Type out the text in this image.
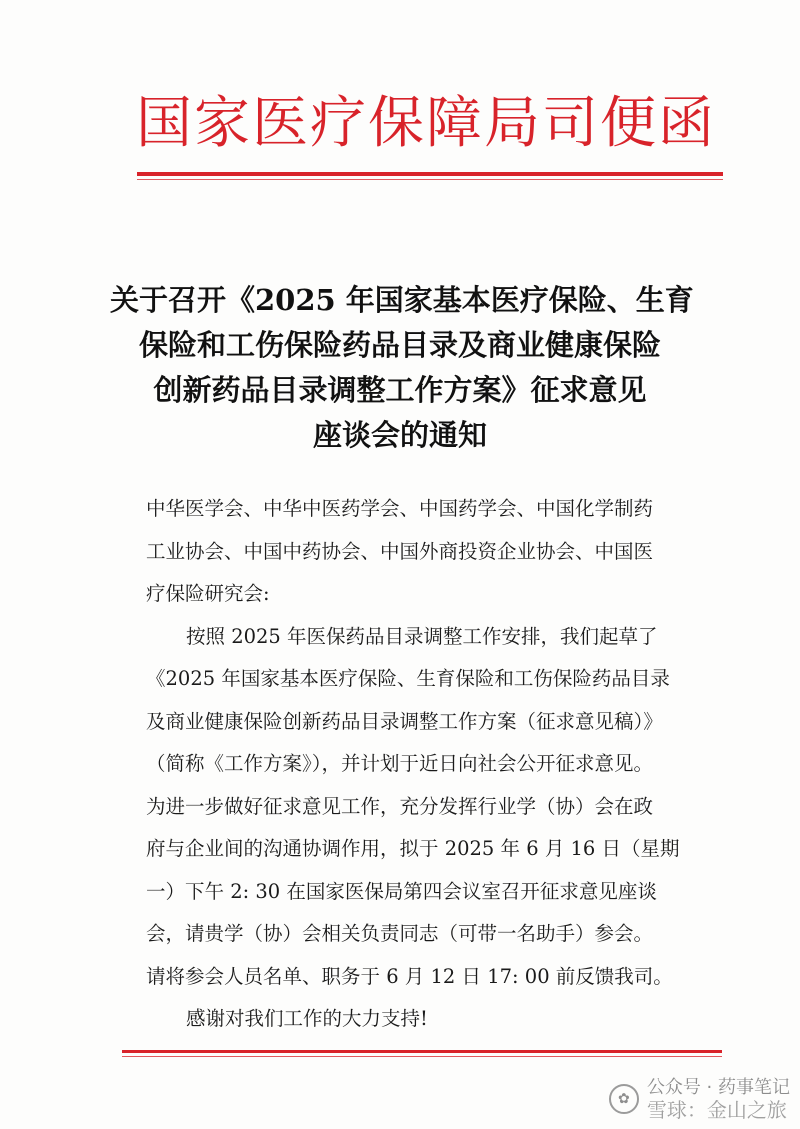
国家医疗保障局司便函
关于召开《2025 年国家基本医疗保险、生育
保险和工伤保险药品目录及商业健康保险
创新药品目录调整工作方案》征求意见
座谈会的通知
中华医学会、中华中医药学会、中国药学会、中国化学制药
工业协会、中国中药协会、中国外商投资企业协会、中国医
疗保险研究会:
按照 2025 年医保药品目录调整工作安排，我们起草了
《2025 年国家基本医疗保险、生育保险和工伤保险药品目录
及商业健康保险创新药品目录调整工作方案（征求意见稿）》
（简称《工作方案》），并计划于近日向社会公开征求意见。
为进一步做好征求意见工作，充分发挥行业学（协）会在政
府与企业间的沟通协调作用，拟于 2025 年 6 月 16 日（星期
一）下午 2: 30 在国家医保局第四会议室召开征求意见座谈
会，请贵学（协）会相关负责同志（可带一名助手）参会。
请将参会人员名单、职务于 6 月 12 日 17: 00 前反馈我司。
感谢对我们工作的大力支持!
✿
公众号 · 药事笔记
雪球：金山之旅
